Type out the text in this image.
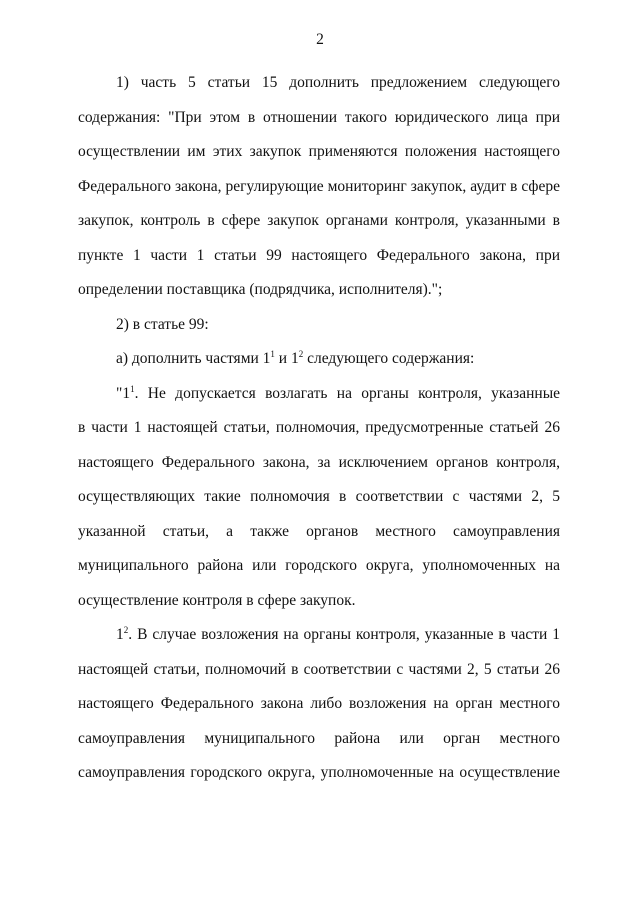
2
1) часть 5 статьи 15 дополнить предложением следующего
содержания: "При этом в отношении такого юридического лица при
осуществлении им этих закупок применяются положения настоящего
Федерального закона, регулирующие мониторинг закупок, аудит в сфере
закупок, контроль в сфере закупок органами контроля, указанными в
пункте 1 части 1 статьи 99 настоящего Федерального закона, при
определении поставщика (подрядчика, исполнителя).";
2) в статье 99:
а) дополнить частями $1^1$ и $1^2$ следующего содержания:
"$1^1$. Не допускается возлагать на органы контроля, указанные
в части 1 настоящей статьи, полномочия, предусмотренные статьей 26
настоящего Федерального закона, за исключением органов контроля,
осуществляющих такие полномочия в соответствии с частями 2, 5
указанной статьи, а также органов местного самоуправления
муниципального района или городского округа, уполномоченных на
осуществление контроля в сфере закупок.
$1^2$. В случае возложения на органы контроля, указанные в части 1
настоящей статьи, полномочий в соответствии с частями 2, 5 статьи 26
настоящего Федерального закона либо возложения на орган местного
самоуправления муниципального района или орган местного
самоуправления городского округа, уполномоченные на осуществление
